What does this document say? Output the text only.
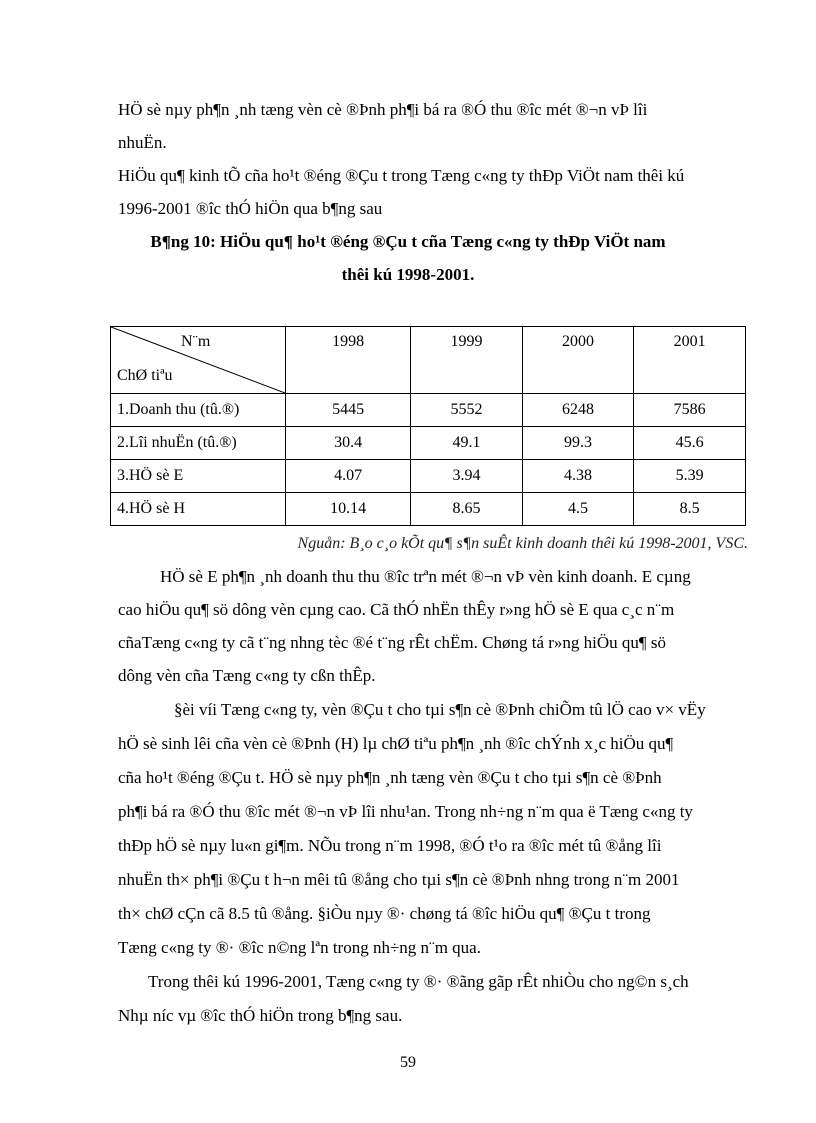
HÖ sè nµy ph¶n ¸nh tæng vèn cè ®Þnh ph¶i bá ra ®Ó thu ®îc mét ®¬n vÞ lîi
nhuËn.
HiÖu qu¶ kinh tÕ cña ho¹t ®éng ®Çu t trong Tæng c«ng ty thÐp ViÖt nam thêi kú
1996-2001 ®îc thÓ hiÖn qua b¶ng sau
B¶ng 10: HiÖu qu¶ ho¹t ®éng ®Çu t cña Tæng c«ng ty thÐp ViÖt nam
thêi kú 1998-2001.
N¨m
ChØ tiªu	1998	1999	2000	2001
1.Doanh thu (tû.®)	5445	5552	6248	7586
2.Lîi nhuËn (tû.®)	30.4	49.1	99.3	45.6
3.HÖ sè E	4.07	3.94	4.38	5.39
4.HÖ sè H	10.14	8.65	4.5	8.5
Nguån: B¸o c¸o kÕt qu¶ s¶n suÊt kinh doanh thêi kú 1998-2001, VSC.
HÖ sè E ph¶n ¸nh doanh thu thu ®îc trªn mét ®¬n vÞ vèn kinh doanh. E cµng
cao hiÖu qu¶ sö dông vèn cµng cao. Cã thÓ nhËn thÊy r»ng hÖ sè E qua c¸c n¨m
cñaTæng c«ng ty cã t¨ng nhng tèc ®é t¨ng rÊt chËm. Chøng tá r»ng hiÖu qu¶ sö
dông vèn cña Tæng c«ng ty cßn thÊp.
§èi víi Tæng c«ng ty, vèn ®Çu t cho tµi s¶n cè ®Þnh chiÕm tû lÖ cao v× vËy
hÖ sè sinh lêi cña vèn cè ®Þnh (H) lµ chØ tiªu ph¶n ¸nh ®îc chÝnh x¸c hiÖu qu¶
cña ho¹t ®éng ®Çu t. HÖ sè nµy ph¶n ¸nh tæng vèn ®Çu t cho tµi s¶n cè ®Þnh
ph¶i bá ra ®Ó thu ®îc mét ®¬n vÞ lîi nhu¹an. Trong nh÷ng n¨m qua ë Tæng c«ng ty
thÐp hÖ sè nµy lu«n gi¶m. NÕu trong n¨m 1998, ®Ó t¹o ra ®îc mét tû ®ång lîi
nhuËn th× ph¶i ®Çu t h¬n mêi tû ®ång cho tµi s¶n cè ®Þnh nhng trong n¨m 2001
th× chØ cÇn cã 8.5 tû ®ång. §iÒu nµy ®· chøng tá ®îc hiÖu qu¶ ®Çu t trong
Tæng c«ng ty ®· ®îc n©ng lªn trong nh÷ng n¨m qua.
Trong thêi kú 1996-2001, Tæng c«ng ty ®· ®ãng gãp rÊt nhiÒu cho ng©n s¸ch
Nhµ níc vµ ®îc thÓ hiÖn trong b¶ng sau.
59
